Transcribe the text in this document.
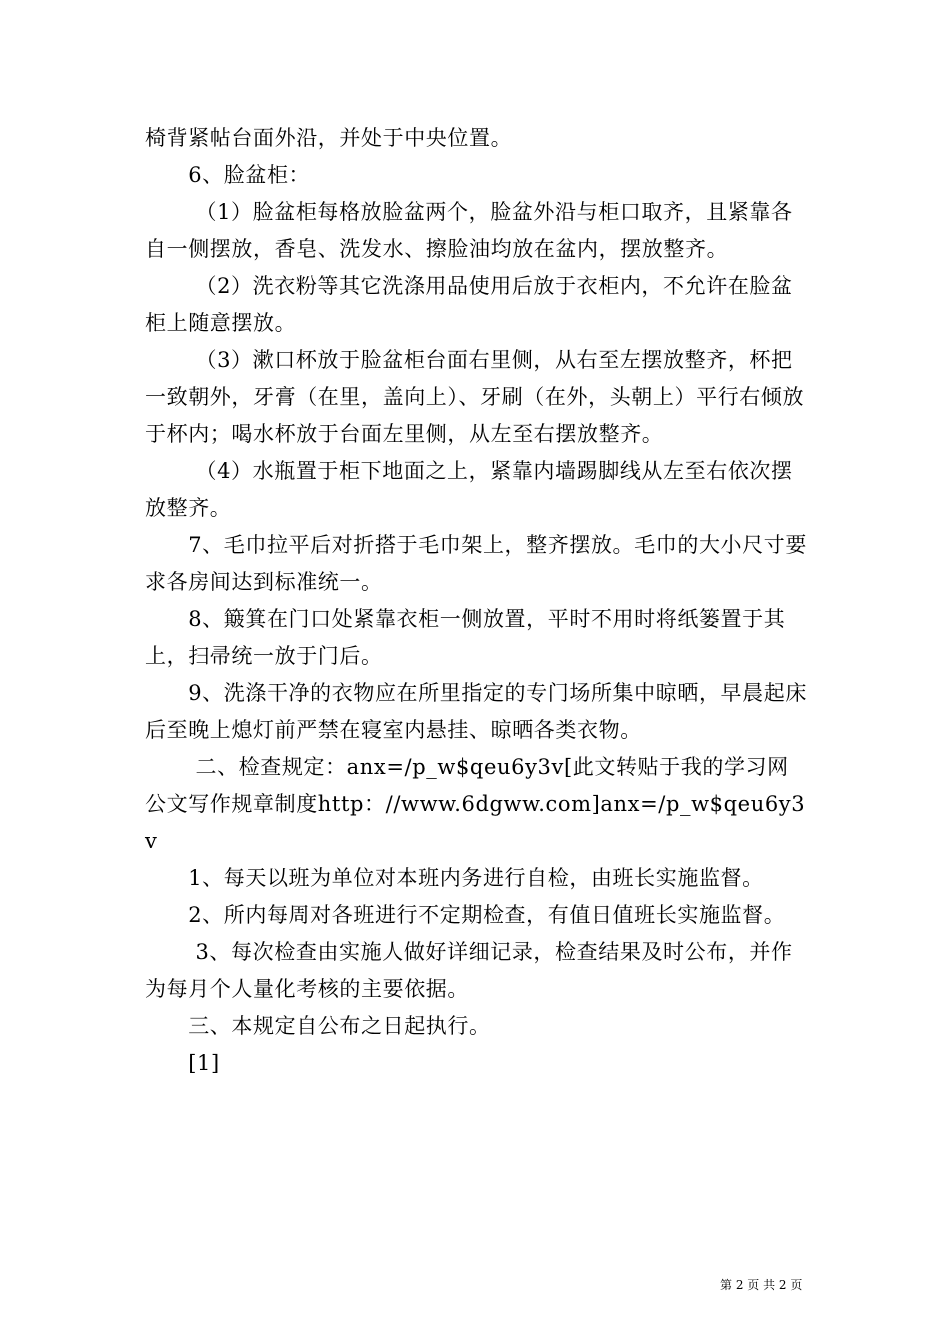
椅背紧帖台面外沿，并处于中央位置。

　　6、脸盆柜：

　　 （1）脸盆柜每格放脸盆两个，脸盆外沿与柜口取齐，且紧靠各自一侧摆放，香皂、洗发水、擦脸油均放在盆内，摆放整齐。

　　 （2）洗衣粉等其它洗涤用品使用后放于衣柜内，不允许在脸盆柜上随意摆放。

　　 （3）漱口杯放于脸盆柜台面右里侧，从右至左摆放整齐，杯把一致朝外，牙膏（在里，盖向上）、牙刷（在外，头朝上）平行右倾放于杯内；喝水杯放于台面左里侧，从左至右摆放整齐。

　　 （4）水瓶置于柜下地面之上，紧靠内墙踢脚线从左至右依次摆放整齐。

　　7、毛巾拉平后对折搭于毛巾架上，整齐摆放。毛巾的大小尺寸要求各房间达到标准统一。

　　8、簸箕在门口处紧靠衣柜一侧放置，平时不用时将纸篓置于其上，扫帚统一放于门后。

　　9、洗涤干净的衣物应在所里指定的专门场所集中晾晒，早晨起床后至晚上熄灯前严禁在寝室内悬挂、晾晒各类衣物。

　　 二、检查规定：anx=/p_w$qeu6y3v[此文转贴于我的学习网公文写作规章制度http：//www.6dgww.com]anx=/p_w$qeu6y3v

　　1、每天以班为单位对本班内务进行自检，由班长实施监督。

　　2、所内每周对各班进行不定期检查，有值日值班长实施监督。

　　 3、每次检查由实施人做好详细记录，检查结果及时公布，并作为每月个人量化考核的主要依据。

　　三、本规定自公布之日起执行。

　　[1]

第 2 页 共 2 页
